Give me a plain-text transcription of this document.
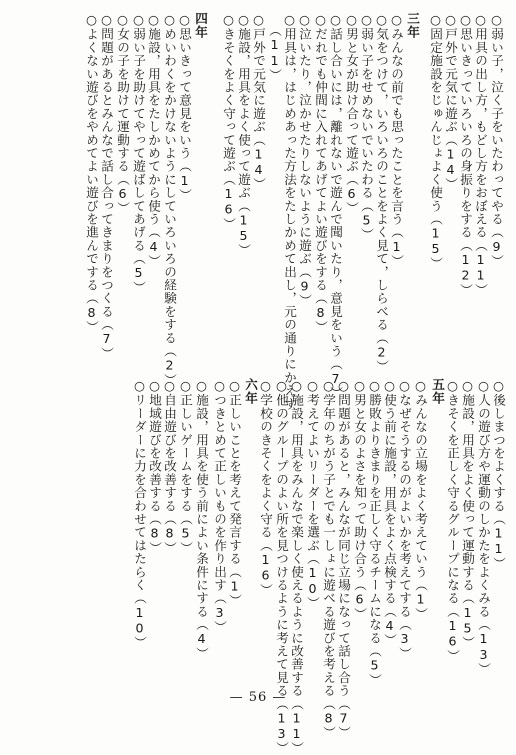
○弱い子，泣く子をいたわってやる（9）
○用具の出し方，もどし方をおぼえる（11）
○思いきっていろいろの身振りをする（12）
○戸外で元気に遊ぶ（14）
○固定施設をじゅんじょよく使う（15）
三年
○みんなの前でも思ったことを言う（1）
○気をつけて，いろいろのことをよく見て，しらべる（2）
○弱い子をせめないでいたわる（5）
○男と女が助け合って遊ぶ（6）
○話し合いには，離れないで遊んで聞いたり，意見をいう（7）
○だれでも仲間に入れてあげてよい遊びをする（8）
○泣いたり，泣かせたりしないように遊ぶ（9）
○用具は，はじめあった方法をたしかめて出し，元の通りにかえす
（11）
○戸外で元気に遊ぶ（14）
○施設，用具をよく使って遊ぶ（15）
○きそくをよく守って遊ぶ（16）
四年
○思いきって意見をいう（1）
○めいわくをかけないようにしていろいろの経験をする（2）
○施設，用具をたしかめてから使う（4）
○弱い子を助けてやって遊ばしてあげる（5）
○女の子を助けて運動する（6）
○問題があるとみんなで話し合ってきまりをつくる（7）
○よくない遊びをやめてよい遊びを進んでする（8）
○後しまつをよくする（11）
○人の遊び方や運動のしかたをよくみる（13）
○施設，用具をよく使って運動する（15）
○きそくを正しく守るグループになる（16）
五年
○みんなの立場をよく考えていう（1）
○なぜそうするのがよいかを考えてする（3）
○使う前に施設，用具をよく点検する（4）
○勝敗よりきまりを正しく守るチームになる（5）
○男と女のよさを知って助け合う（6）
○問題があると，みんなが同じ立場になって話し合う（7）
○学年のちがう子とでも一しょに遊べる遊びを考える（8）
○考えてよいリーダーを選ぶ（10）
○施設，用具をみんなで楽しく使えるように改善する（11）
○他のグループのよい所を見つけるように考えて見る（13）
○学校のきそくをよく守る（16）
六年
○正しいことを考えて発言する（1）
○つきとめて正しいものを作り出す（3）
○施設，用具を使う前によい条件にする（4）
○正しいゲームをする（5）
○自由遊びを改善する（8）
○地域遊びを改善する（8）
○リーダーに力を合わせてはたらく（10）
— 56 —
